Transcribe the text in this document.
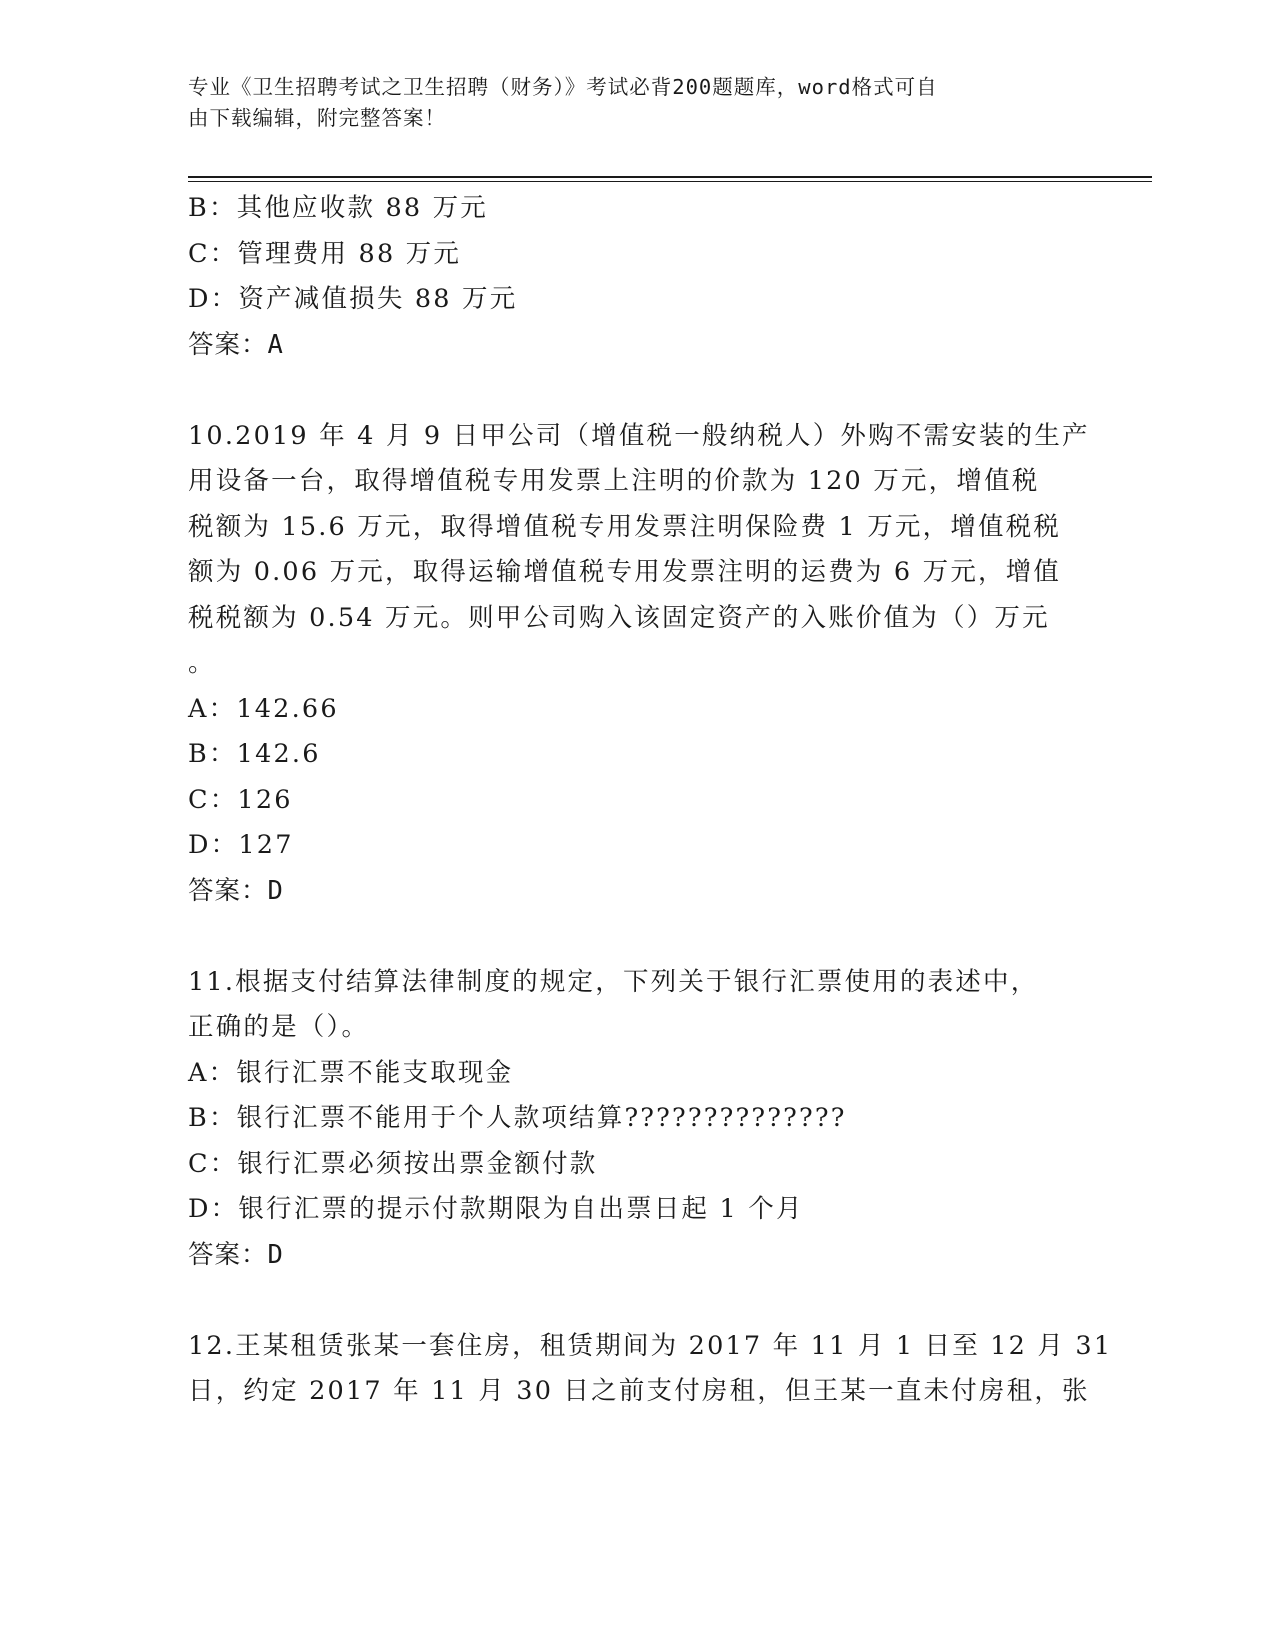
专业《卫生招聘考试之卫生招聘（财务）》考试必背200题题库，word格式可自
由下载编辑，附完整答案！
B：其他应收款 88 万元
C：管理费用 88 万元
D：资产减值损失 88 万元
答案：A
10.2019 年 4 月 9 日甲公司（增值税一般纳税人）外购不需安装的生产
用设备一台，取得增值税专用发票上注明的价款为 120 万元，增值税
税额为 15.6 万元，取得增值税专用发票注明保险费 1 万元，增值税税
额为 0.06 万元，取得运输增值税专用发票注明的运费为 6 万元，增值
税税额为 0.54 万元。则甲公司购入该固定资产的入账价值为（）万元
。
A：142.66
B：142.6
C：126
D：127
答案：D
11.根据支付结算法律制度的规定，下列关于银行汇票使用的表述中，
正确的是（）。
A：银行汇票不能支取现金
B：银行汇票不能用于个人款项结算??????????????
C：银行汇票必须按出票金额付款
D：银行汇票的提示付款期限为自出票日起 1 个月
答案：D
12.王某租赁张某一套住房，租赁期间为 2017 年 11 月 1 日至 12 月 31
日，约定 2017 年 11 月 30 日之前支付房租，但王某一直未付房租，张
